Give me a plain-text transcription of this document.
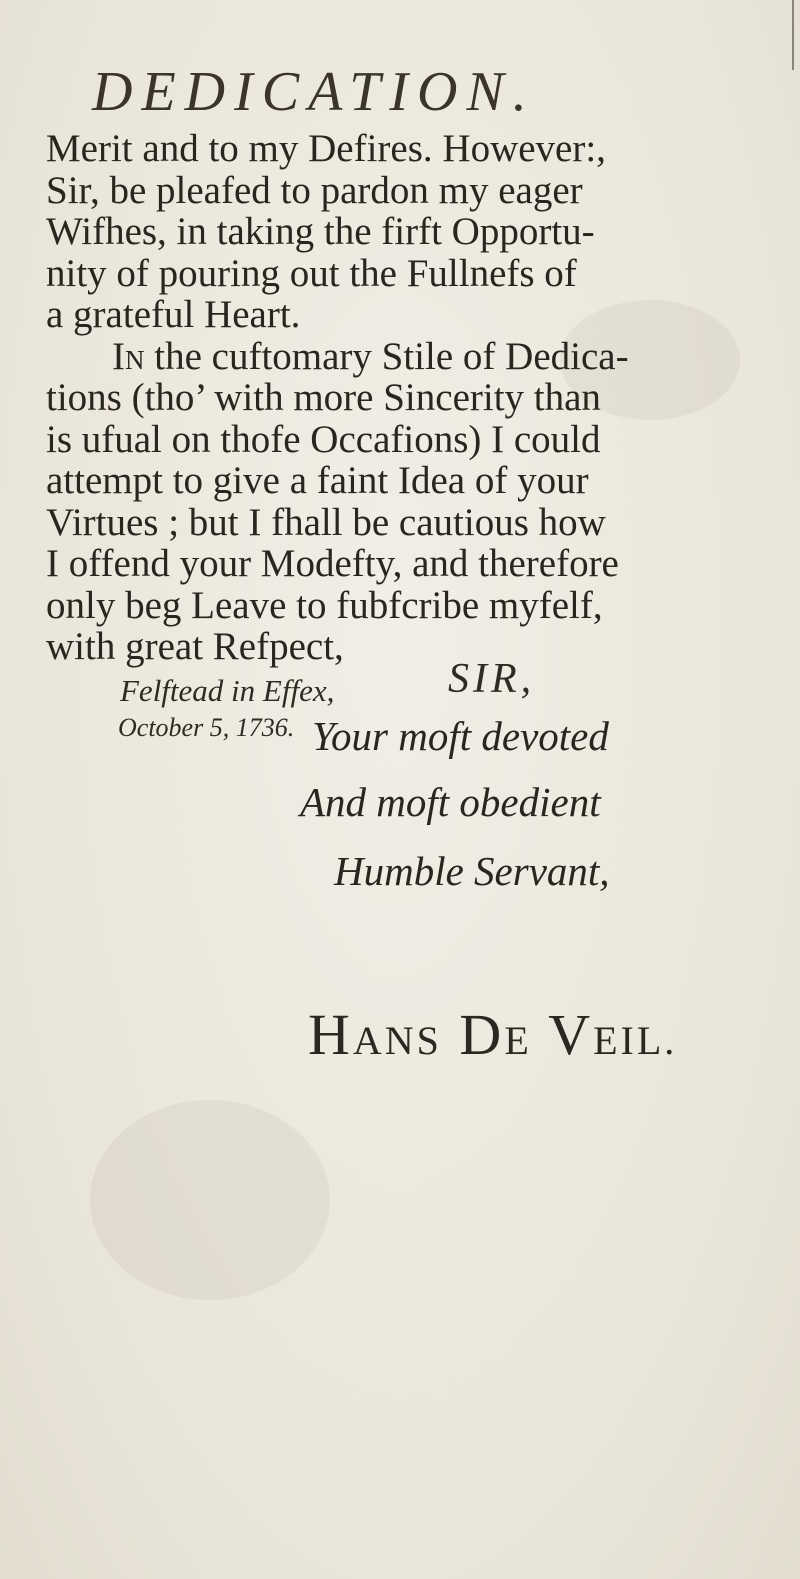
DEDICATION.
Merit and to my Defires. However:,
Sir, be pleafed to pardon my eager
Wifhes, in taking the firft Opportu-
nity of pouring out the Fullnefs of
a grateful Heart.
In the cuftomary Stile of Dedica-
tions (tho’ with more Sincerity than
is ufual on thofe Occafions) I could
attempt to give a faint Idea of your
Virtues ; but I fhall be cautious how
I offend your Modefty, and therefore
only beg Leave to fubfcribe myfelf,
with great Refpect,
Felftead in Effex,
October 5, 1736.
SIR,
Your moft devoted
And moft obedient
Humble Servant,
HANS DE VEIL.
